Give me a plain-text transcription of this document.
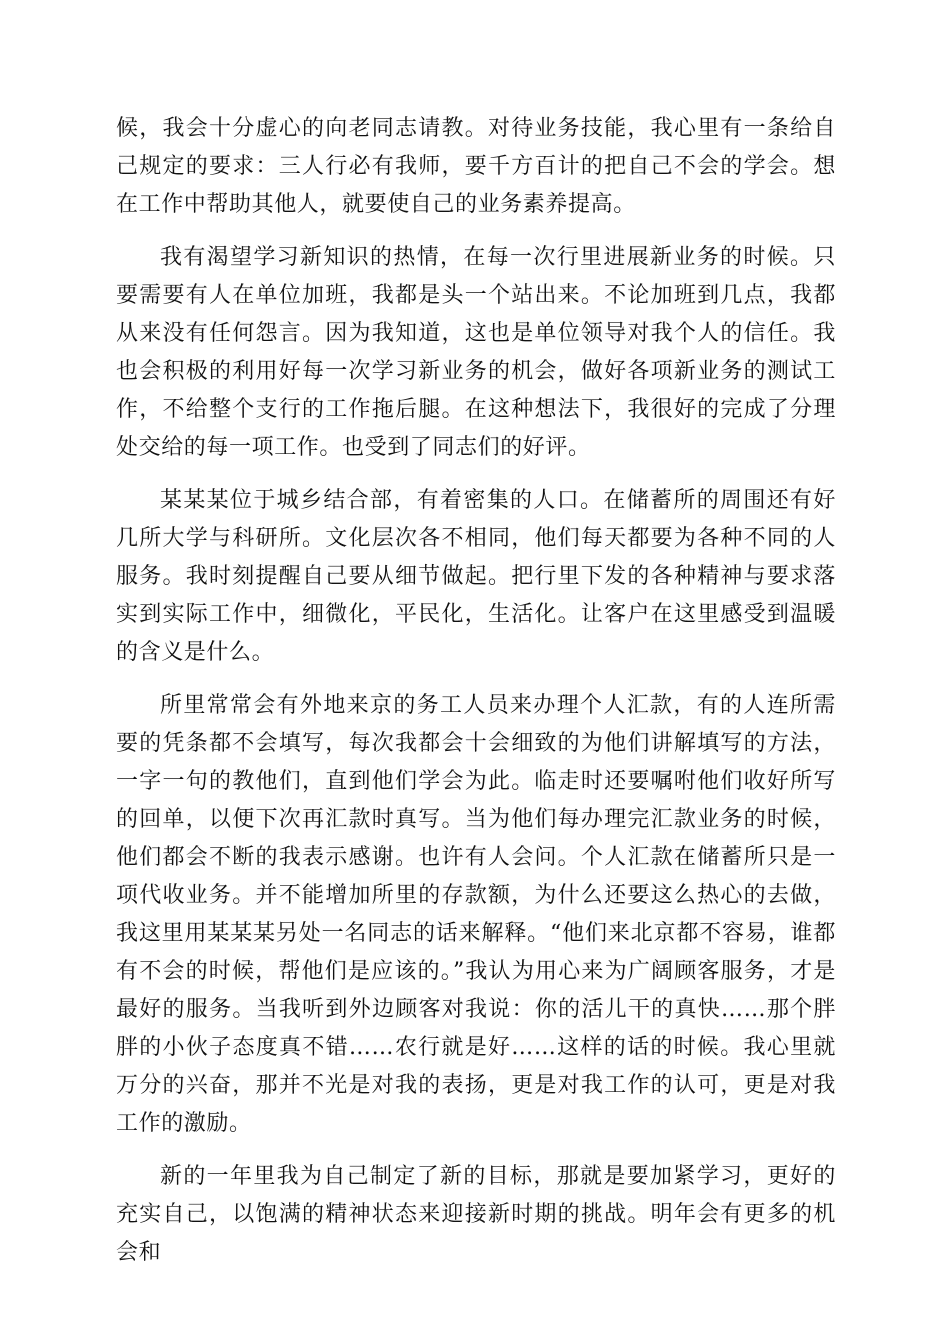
候，我会十分虚心的向老同志请教。对待业务技能，我心里有一条给自己规定的要求：三人行必有我师，要千方百计的把自己不会的学会。想在工作中帮助其他人，就要使自己的业务素养提高。

我有渴望学习新知识的热情，在每一次行里进展新业务的时候。只要需要有人在单位加班，我都是头一个站出来。不论加班到几点，我都从来没有任何怨言。因为我知道，这也是单位领导对我个人的信任。我也会积极的利用好每一次学习新业务的机会，做好各项新业务的测试工作，不给整个支行的工作拖后腿。在这种想法下，我很好的完成了分理处交给的每一项工作。也受到了同志们的好评。

某某某位于城乡结合部，有着密集的人口。在储蓄所的周围还有好几所大学与科研所。文化层次各不相同，他们每天都要为各种不同的人服务。我时刻提醒自己要从细节做起。把行里下发的各种精神与要求落实到实际工作中，细微化，平民化，生活化。让客户在这里感受到温暖的含义是什么。

所里常常会有外地来京的务工人员来办理个人汇款，有的人连所需要的凭条都不会填写，每次我都会十会细致的为他们讲解填写的方法，一字一句的教他们，直到他们学会为此。临走时还要嘱咐他们收好所写的回单，以便下次再汇款时真写。当为他们每办理完汇款业务的时候，他们都会不断的我表示感谢。也许有人会问。个人汇款在储蓄所只是一项代收业务。并不能增加所里的存款额，为什么还要这么热心的去做，我这里用某某某另处一名同志的话来解释。“他们来北京都不容易，谁都有不会的时候，帮他们是应该的。”我认为用心来为广阔顾客服务，才是最好的服务。当我听到外边顾客对我说：你的活儿干的真快……那个胖胖的小伙子态度真不错……农行就是好……这样的话的时候。我心里就万分的兴奋，那并不光是对我的表扬，更是对我工作的认可，更是对我工作的激励。

新的一年里我为自己制定了新的目标，那就是要加紧学习，更好的充实自己，以饱满的精神状态来迎接新时期的挑战。明年会有更多的机会和
